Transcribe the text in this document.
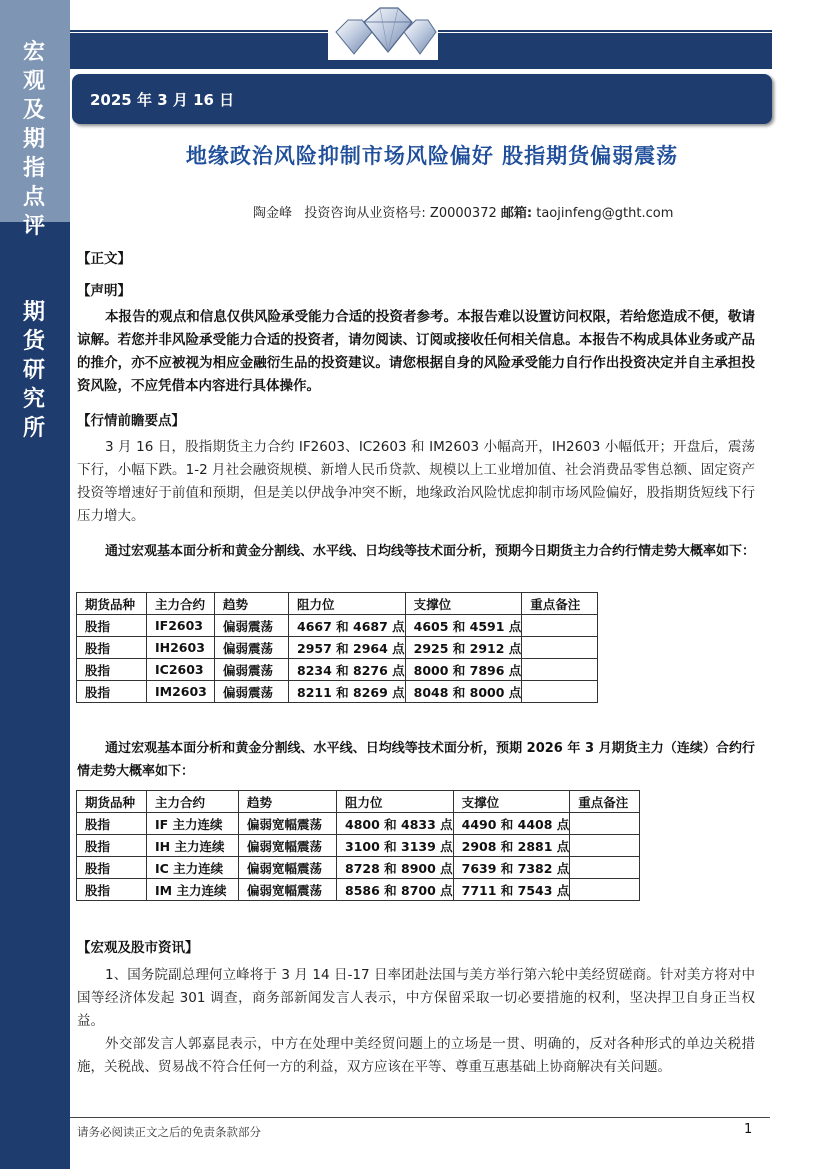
宏观及期指点评
期货研究所
2025 年 3 月 16 日
地缘政治风险抑制市场风险偏好 股指期货偏弱震荡
陶金峰 投资咨询从业资格号: Z0000372 邮箱: taojinfeng@gtht.com
【正文】
【声明】
本报告的观点和信息仅供风险承受能力合适的投资者参考。本报告难以设置访问权限，若给您造成不便，敬请谅解。若您并非风险承受能力合适的投资者，请勿阅读、订阅或接收任何相关信息。本报告不构成具体业务或产品的推介，亦不应被视为相应金融衍生品的投资建议。请您根据自身的风险承受能力自行作出投资决定并自主承担投资风险，不应凭借本内容进行具体操作。
【行情前瞻要点】
3 月 16 日，股指期货主力合约 IF2603、IC2603 和 IM2603 小幅高开，IH2603 小幅低开；开盘后，震荡下行，小幅下跌。1-2 月社会融资规模、新增人民币贷款、规模以上工业增加值、社会消费品零售总额、固定资产投资等增速好于前值和预期，但是美以伊战争冲突不断，地缘政治风险忧虑抑制市场风险偏好，股指期货短线下行压力增大。
通过宏观基本面分析和黄金分割线、水平线、日均线等技术面分析，预期今日期货主力合约行情走势大概率如下：
期货品种	主力合约	趋势	阻力位	支撑位	重点备注
股指	IF2603	偏弱震荡	4667 和 4687 点	4605 和 4591 点	
股指	IH2603	偏弱震荡	2957 和 2964 点	2925 和 2912 点	
股指	IC2603	偏弱震荡	8234 和 8276 点	8000 和 7896 点	
股指	IM2603	偏弱震荡	8211 和 8269 点	8048 和 8000 点	
通过宏观基本面分析和黄金分割线、水平线、日均线等技术面分析，预期 2026 年 3 月期货主力（连续）合约行情走势大概率如下：
期货品种	主力合约	趋势	阻力位	支撑位	重点备注
股指	IF 主力连续	偏弱宽幅震荡	4800 和 4833 点	4490 和 4408 点	
股指	IH 主力连续	偏弱宽幅震荡	3100 和 3139 点	2908 和 2881 点	
股指	IC 主力连续	偏弱宽幅震荡	8728 和 8900 点	7639 和 7382 点	
股指	IM 主力连续	偏弱宽幅震荡	8586 和 8700 点	7711 和 7543 点	
【宏观及股市资讯】
1、国务院副总理何立峰将于 3 月 14 日-17 日率团赴法国与美方举行第六轮中美经贸磋商。针对美方将对中国等经济体发起 301 调查，商务部新闻发言人表示，中方保留采取一切必要措施的权利，坚决捍卫自身正当权益。
外交部发言人郭嘉昆表示，中方在处理中美经贸问题上的立场是一贯、明确的，反对各种形式的单边关税措施，关税战、贸易战不符合任何一方的利益，双方应该在平等、尊重互惠基础上协商解决有关问题。
请务必阅读正文之后的免责条款部分	1
